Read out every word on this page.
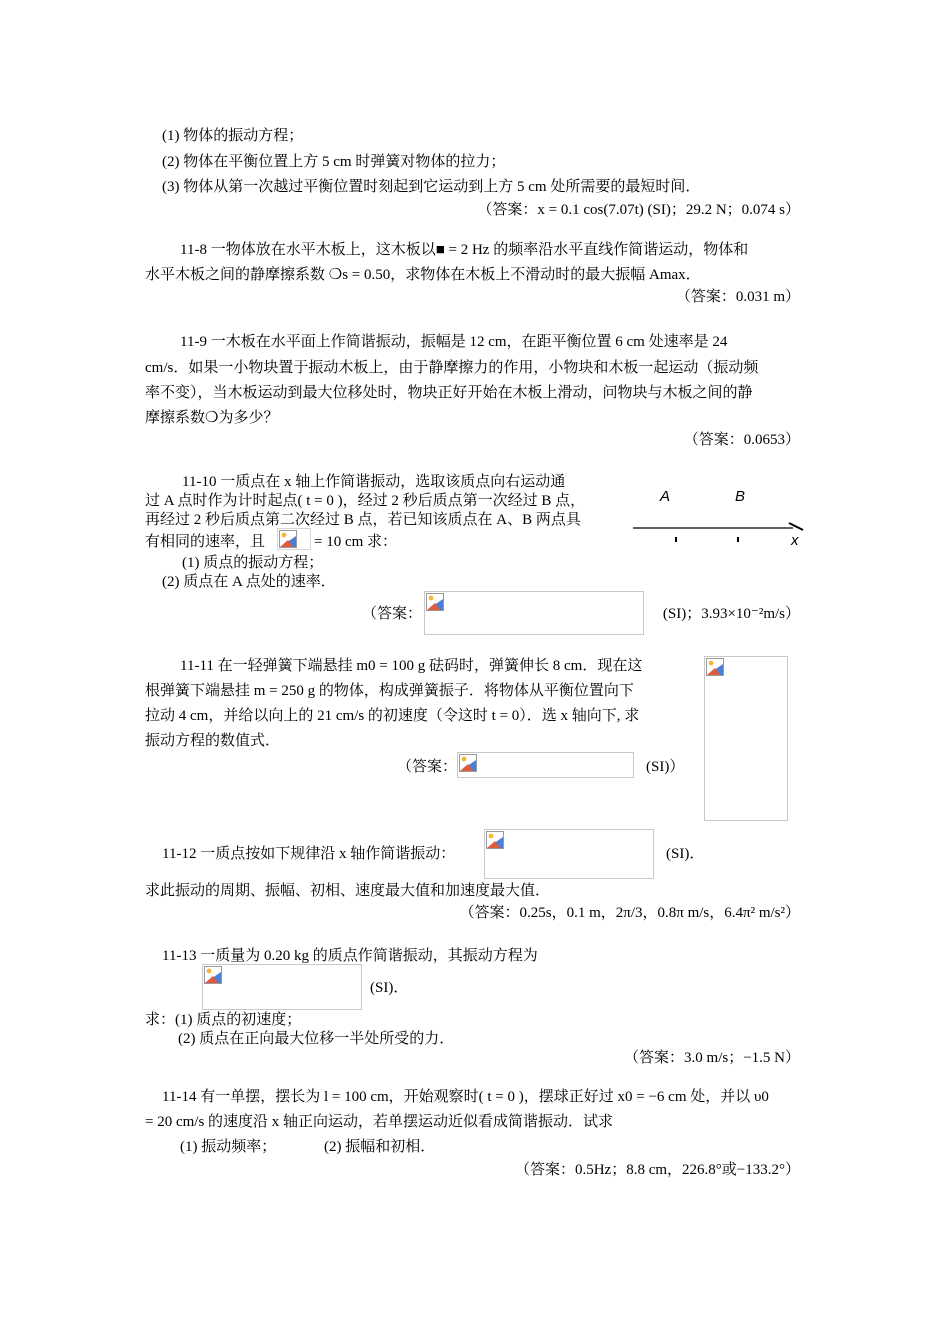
(1) 物体的振动方程；
(2) 物体在平衡位置上方 5 cm 时弹簧对物体的拉力；
(3) 物体从第一次越过平衡位置时刻起到它运动到上方 5 cm 处所需要的最短时间．
（答案：x = 0.1 cos(7.07t) (SI)；29.2 N；0.074 s）
11-8 一物体放在水平木板上，这木板以■ = 2 Hz 的频率沿水平直线作简谐运动，物体和
水平木板之间的静摩擦系数 ❍s = 0.50，求物体在木板上不滑动时的最大振幅 Amax．
（答案：0.031 m）
11-9 一木板在水平面上作简谐振动，振幅是 12 cm，在距平衡位置 6 cm 处速率是 24
cm/s．如果一小物块置于振动木板上，由于静摩擦力的作用，小物块和木板一起运动（振动频
率不变），当木板运动到最大位移处时，物块正好开始在木板上滑动，问物块与木板之间的静
摩擦系数❍为多少？
（答案：0.0653）
11-10 一质点在 x 轴上作简谐振动，选取该质点向右运动通
过 A 点时作为计时起点( t = 0 )，经过 2 秒后质点第一次经过 B 点，
再经过 2 秒后质点第二次经过 B 点，若已知该质点在 A、B 两点具
有相同的速率，且	= 10 cm 求：
(1) 质点的振动方程；
(2) 质点在 A 点处的速率．
A	B
x
（答案：	(SI)；3.93×10⁻²m/s）
11-11 在一轻弹簧下端悬挂 m0 = 100 g 砝码时，弹簧伸长 8 cm．现在这
根弹簧下端悬挂 m = 250 g 的物体，构成弹簧振子．将物体从平衡位置向下
拉动 4 cm，并给以向上的 21 cm/s 的初速度（令这时 t = 0）．选 x 轴向下, 求
振动方程的数值式．
（答案：	(SI)）
11-12 一质点按如下规律沿 x 轴作简谐振动：	(SI)．
求此振动的周期、振幅、初相、速度最大值和加速度最大值．
（答案：0.25s，0.1 m，2π/3，0.8π m/s，6.4π² m/s²）
11-13 一质量为 0.20 kg 的质点作简谐振动，其振动方程为
(SI)．
求：(1) 质点的初速度；
(2) 质点在正向最大位移一半处所受的力．
（答案：3.0 m/s；−1.5 N）
11-14 有一单摆，摆长为 l = 100 cm，开始观察时( t = 0 )，摆球正好过 x0 = −6 cm 处，并以 υ0
= 20 cm/s 的速度沿 x 轴正向运动，若单摆运动近似看成简谐振动．试求
(1) 振动频率；	(2) 振幅和初相．
（答案：0.5Hz；8.8 cm，226.8°或−133.2°）
